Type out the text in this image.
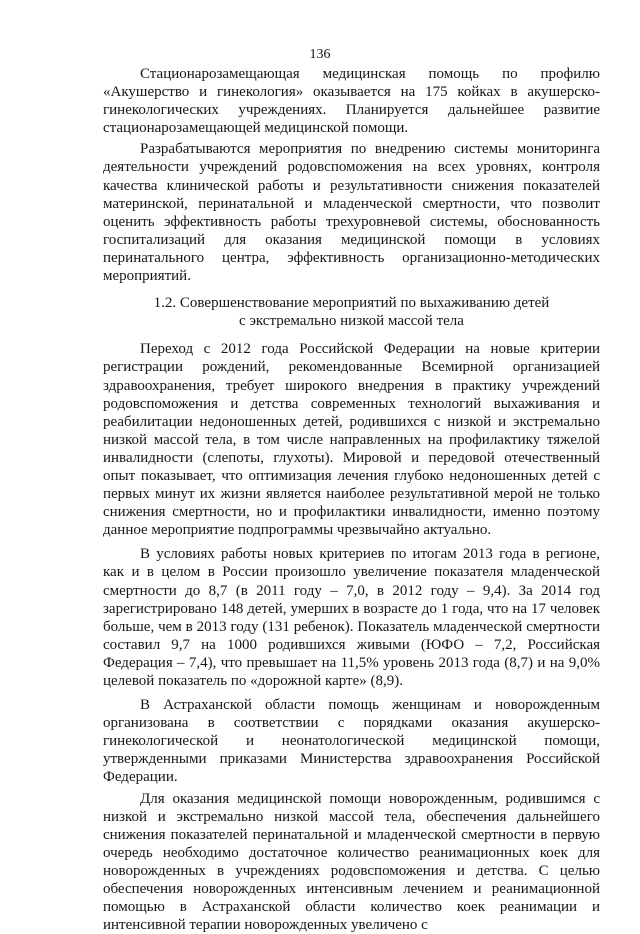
136

Стационарозамещающая медицинская помощь по профилю «Акушерство и гинекология» оказывается на 175 койках в акушерско-гинекологических учреждениях. Планируется дальнейшее развитие стационарозамещающей медицинской помощи.

Разрабатываются мероприятия по внедрению системы мониторинга деятельности учреждений родовспоможения на всех уровнях, контроля качества клинической работы и результативности снижения показателей материнской, перинатальной и младенческой смертности, что позволит оценить эффективность работы трехуровневой системы, обоснованность госпитализаций для оказания медицинской помощи в условиях перинатального центра, эффективность организационно-методических мероприятий.

1.2. Совершенствование мероприятий по выхаживанию детей
с экстремально низкой массой тела

Переход с 2012 года Российской Федерации на новые критерии регистрации рождений, рекомендованные Всемирной организацией здравоохранения, требует широкого внедрения в практику учреждений родовспоможения и детства современных технологий выхаживания и реабилитации недоношенных детей, родившихся с низкой и экстремально низкой массой тела, в том числе направленных на профилактику тяжелой инвалидности (слепоты, глухоты). Мировой и передовой отечественный опыт показывает, что оптимизация лечения глубоко недоношенных детей с первых минут их жизни является наиболее результативной мерой не только снижения смертности, но и профилактики инвалидности, именно поэтому данное мероприятие подпрограммы чрезвычайно актуально.

В условиях работы новых критериев по итогам 2013 года в регионе, как и в целом в России произошло увеличение показателя младенческой смертности до 8,7 (в 2011 году – 7,0, в 2012 году – 9,4). За 2014 год зарегистрировано 148 детей, умерших в возрасте до 1 года, что на 17 человек больше, чем в 2013 году (131 ребенок). Показатель младенческой смертности составил 9,7 на 1000 родившихся живыми (ЮФО – 7,2, Российская Федерация – 7,4), что превышает на 11,5% уровень 2013 года (8,7) и на 9,0% целевой показатель по «дорожной карте» (8,9).

В Астраханской области помощь женщинам и новорожденным организована в соответствии с порядками оказания акушерско-гинекологической и неонатологической медицинской помощи, утвержденными приказами Министерства здравоохранения Российской Федерации.

Для оказания медицинской помощи новорожденным, родившимся с низкой и экстремально низкой массой тела, обеспечения дальнейшего снижения показателей перинатальной и младенческой смертности в первую очередь необходимо достаточное количество реанимационных коек для новорожденных в учреждениях родовспоможения и детства. С целью обеспечения новорожденных интенсивным лечением и реанимационной помощью в Астраханской области количество коек реанимации и интенсивной терапии новорожденных увеличено с
